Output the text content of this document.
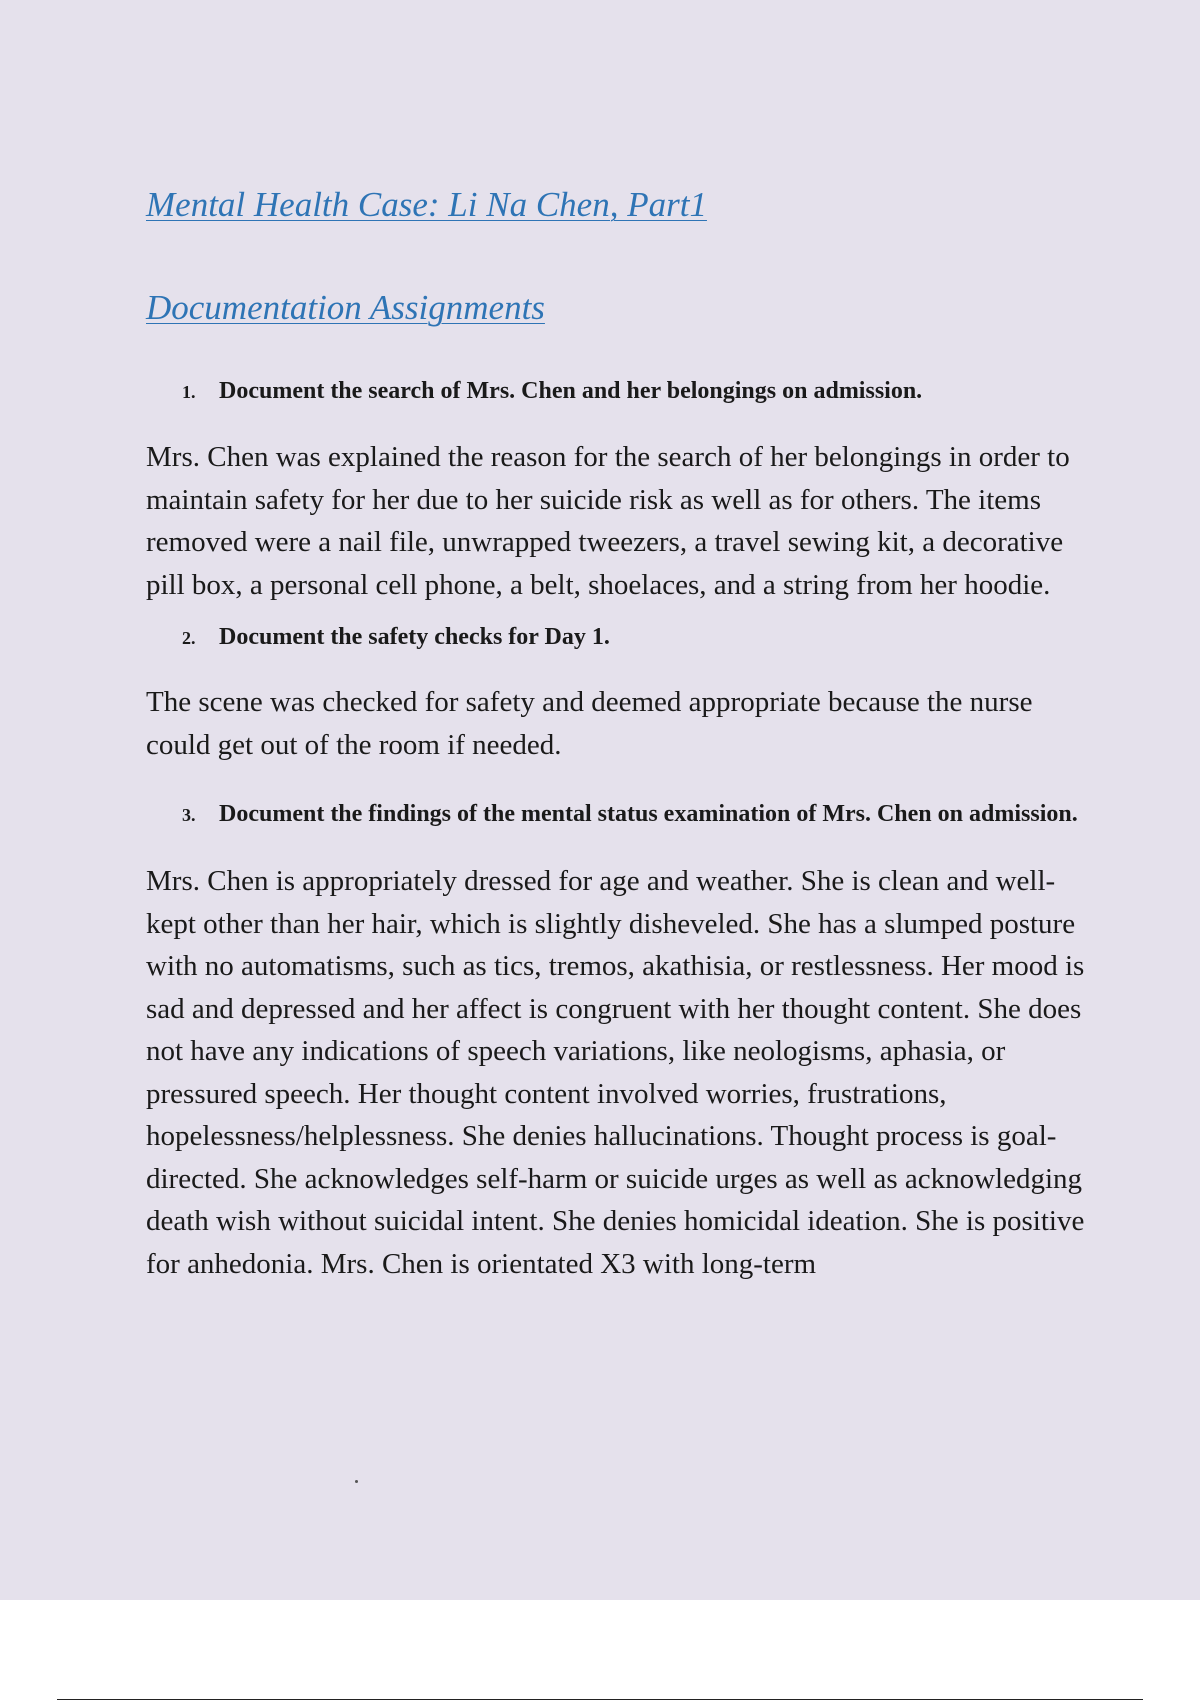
Mental Health Case: Li Na Chen, Part1
Documentation Assignments

1. Document the search of Mrs. Chen and her belongings on admission.

Mrs. Chen was explained the reason for the search of her belongings in order to maintain safety for her due to her suicide risk as well as for others. The items removed were a nail file, unwrapped tweezers, a travel sewing kit, a decorative pill box, a personal cell phone, a belt, shoelaces, and a string from her hoodie.

2. Document the safety checks for Day 1.

The scene was checked for safety and deemed appropriate because the nurse could get out of the room if needed.

3. Document the findings of the mental status examination of Mrs. Chen on admission.

Mrs. Chen is appropriately dressed for age and weather. She is clean and well-kept other than her hair, which is slightly disheveled. She has a slumped posture with no automatisms, such as tics, tremos, akathisia, or restlessness. Her mood is sad and depressed and her affect is congruent with her thought content. She does not have any indications of speech variations, like neologisms, aphasia, or pressured speech. Her thought content involved worries, frustrations, hopelessness/helplessness. She denies hallucinations. Thought process is goal-directed. She acknowledges self-harm or suicide urges as well as acknowledging death wish without suicidal intent. She denies homicidal ideation. She is positive for anhedonia. Mrs. Chen is orientated X3 with long-term
